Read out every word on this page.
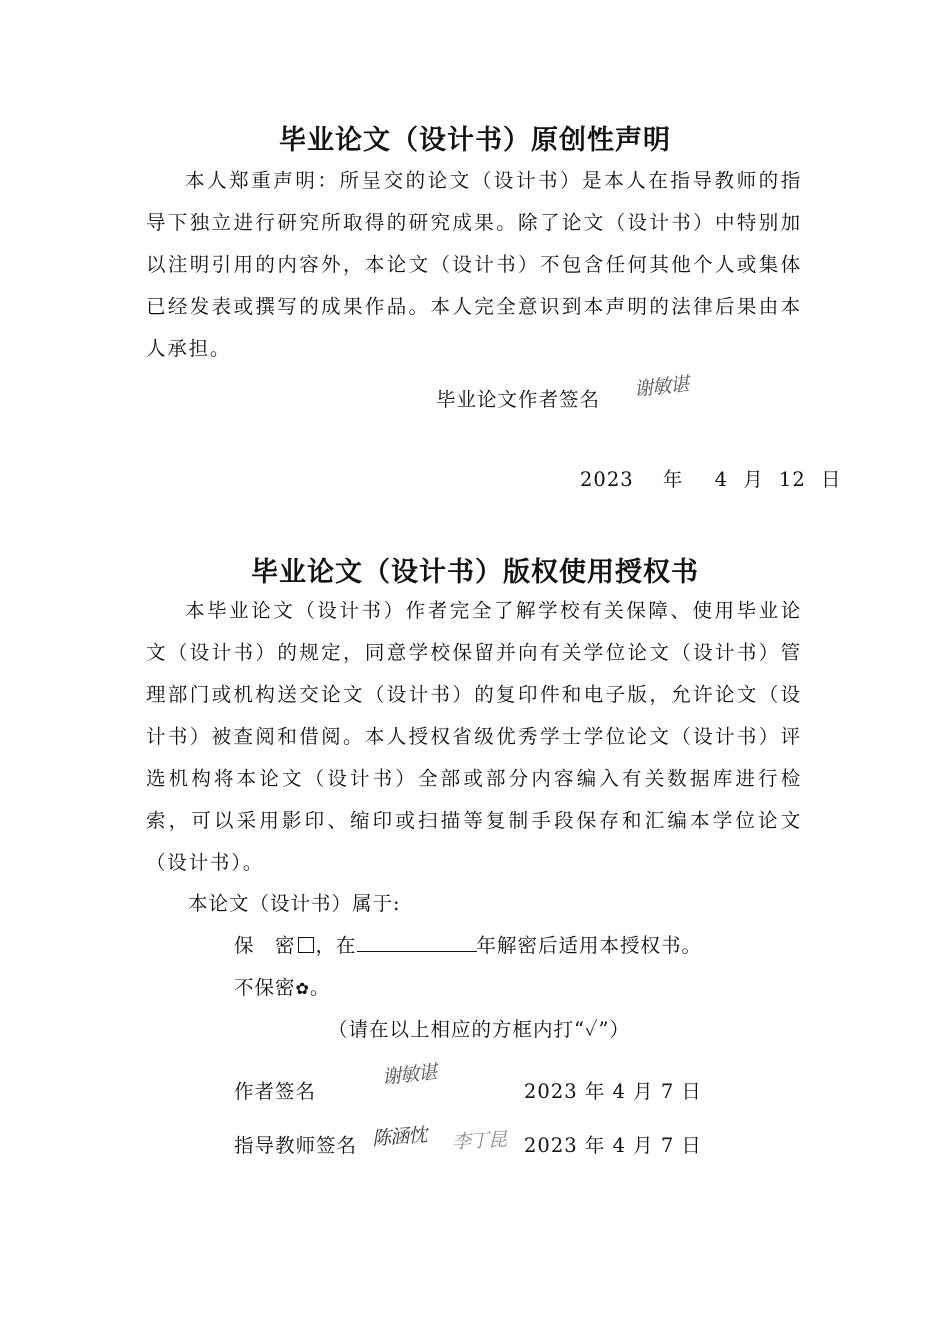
毕业论文（设计书）原创性声明

本人郑重声明：所呈交的论文（设计书）是本人在指导教师的指导下独立进行研究所取得的研究成果。除了论文（设计书）中特别加以注明引用的内容外，本论文（设计书）不包含任何其他个人或集体已经发表或撰写的成果作品。本人完全意识到本声明的法律后果由本人承担。

毕业论文作者签名 谢敏谌
2023 年 4 月 12 日
毕业论文（设计书）版权使用授权书

本毕业论文（设计书）作者完全了解学校有关保障、使用毕业论文（设计书）的规定，同意学校保留并向有关学位论文（设计书）管理部门或机构送交论文（设计书）的复印件和电子版，允许论文（设计书）被查阅和借阅。本人授权省级优秀学士学位论文（设计书）评选机构将本论文（设计书）全部或部分内容编入有关数据库进行检索，可以采用影印、缩印或扫描等复制手段保存和汇编本学位论文（设计书）。

本论文（设计书）属于:
保　密 ，在	年解密后适用本授权书。
不保密✿。
（请在以上相应的方框内打“✓”）
作者签名
谢敏谌
2023 年 4 月 7 日
指导教师签名 陈涵忱 李丁昆 2023 年 4 月 7 日
